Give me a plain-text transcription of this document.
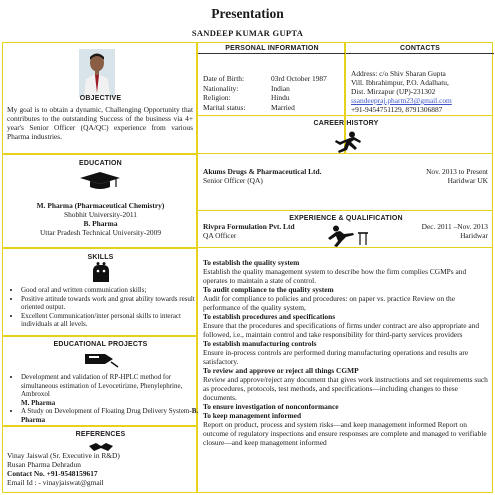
Presentation
SANDEEP KUMAR GUPTA
OBJECTIVE
My goal is to obtain a dynamic, Challenging Opportunity that contributes to the outstanding Success of the business via 4+ year's Senior Officer (QA/QC) experience from various Pharma industries.
PERSONAL INFORMATION
Date of Birth:	03rd October 1987
Nationality:	Indian
Religion:	Hindu
Marital status:	Married
CONTACTS
Address: c/o Shiv Sharan Gupta
Vill. Ibhrahimpur, P.O. Adalhatu,
Dist. Mirzapur (UP)-231302
ssandeepraj.pharm23@gmail.com
+91-9454751129, 8791306887
EDUCATION
M. Pharma (Pharmaceutical Chemistry)
Shobhit University-2011
B. Pharma
Uttar Pradesh Technical University-2009
CAREER HISTORY
Akums Drugs & Pharmaceutical Ltd.	Nov. 2013 to Present
Senior Officer (QA)	Haridwar UK
Rivpra Formulation Pvt. Ltd	Dec. 2011 –Nov. 2013
QA Officer	Haridwar
SKILLS
• Good oral and written communication skills;
• Positive attitude towards work and great ability towards result oriented output.
• Excellent Communication/inter personal skills to interact individuals at all levels.
EXPERIENCE & QUALIFICATION
To establish the quality system
Establish the quality management system to describe how the firm complies CGMPs and operates to maintain a state of control.
To audit compliance to the quality system
Audit for compliance to policies and procedures: on paper vs. practice Review on the performance of the quality system,
To establish procedures and specifications
Ensure that the procedures and specifications of firms under contract are also appropriate and followed, i.e., maintain control and take responsibility for third-party services providers
To establish manufacturing controls
Ensure in-process controls are performed during manufacturing operations and results are satisfactory.
To review and approve or reject all things CGMP
Review and approve/reject any document that gives work instructions and set requirements such as procedures, protocols, test methods, and specifications—including changes to these documents.
To ensure investigation of nonconformance
To keep management informed
Report on product, process and system risks—and keep management informed Report on outcome of regulatory inspections and ensure responses are complete and managed to verifiable closure—and keep management informed
EDUCATIONAL PROJECTS
• Development and validation of RP-HPLC method for simultaneous estimation of Levocetirizne, Phenylephrine, Ambroxol
M. Pharma
• A Study on Development of Floating Drug Delivery System-B. Pharma
REFERENCES
Vinay Jaiswal (Sr. Executive in R&D)
Rusan Pharma Dehradun
Contact No. +91-9548159617
Email Id : - vinayjaiswat@gmail
